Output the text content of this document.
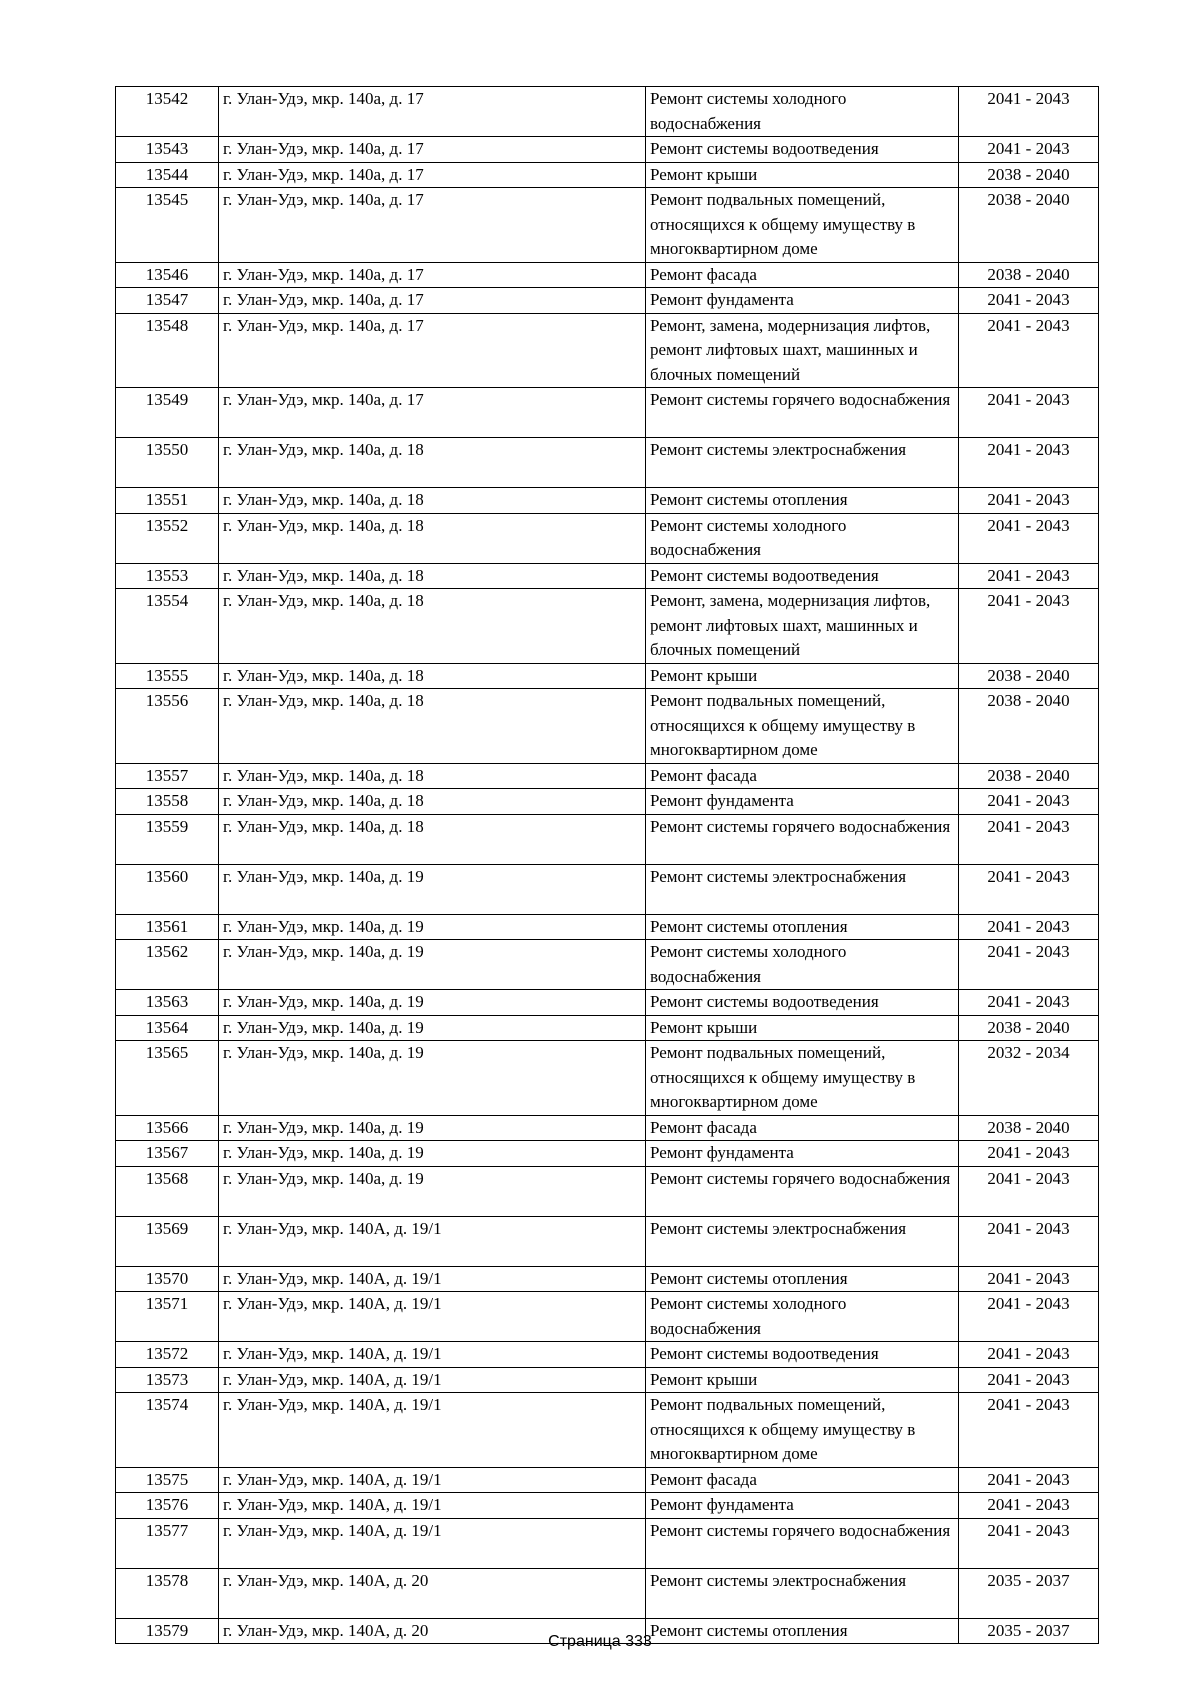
13542	г. Улан-Удэ, мкр. 140а, д. 17	Ремонт системы холодного водоснабжения	2041 - 2043
13543	г. Улан-Удэ, мкр. 140а, д. 17	Ремонт системы водоотведения	2041 - 2043
13544	г. Улан-Удэ, мкр. 140а, д. 17	Ремонт крыши	2038 - 2040
13545	г. Улан-Удэ, мкр. 140а, д. 17	Ремонт подвальных помещений, относящихся к общему имуществу в многоквартирном доме	2038 - 2040
13546	г. Улан-Удэ, мкр. 140а, д. 17	Ремонт фасада	2038 - 2040
13547	г. Улан-Удэ, мкр. 140а, д. 17	Ремонт фундамента	2041 - 2043
13548	г. Улан-Удэ, мкр. 140а, д. 17	Ремонт, замена, модернизация лифтов, ремонт лифтовых шахт, машинных и блочных помещений	2041 - 2043
13549	г. Улан-Удэ, мкр. 140а, д. 17	Ремонт системы горячего водоснабжения	2041 - 2043
13550	г. Улан-Удэ, мкр. 140а, д. 18	Ремонт системы электроснабжения	2041 - 2043
13551	г. Улан-Удэ, мкр. 140а, д. 18	Ремонт системы отопления	2041 - 2043
13552	г. Улан-Удэ, мкр. 140а, д. 18	Ремонт системы холодного водоснабжения	2041 - 2043
13553	г. Улан-Удэ, мкр. 140а, д. 18	Ремонт системы водоотведения	2041 - 2043
13554	г. Улан-Удэ, мкр. 140а, д. 18	Ремонт, замена, модернизация лифтов, ремонт лифтовых шахт, машинных и блочных помещений	2041 - 2043
13555	г. Улан-Удэ, мкр. 140а, д. 18	Ремонт крыши	2038 - 2040
13556	г. Улан-Удэ, мкр. 140а, д. 18	Ремонт подвальных помещений, относящихся к общему имуществу в многоквартирном доме	2038 - 2040
13557	г. Улан-Удэ, мкр. 140а, д. 18	Ремонт фасада	2038 - 2040
13558	г. Улан-Удэ, мкр. 140а, д. 18	Ремонт фундамента	2041 - 2043
13559	г. Улан-Удэ, мкр. 140а, д. 18	Ремонт системы горячего водоснабжения	2041 - 2043
13560	г. Улан-Удэ, мкр. 140а, д. 19	Ремонт системы электроснабжения	2041 - 2043
13561	г. Улан-Удэ, мкр. 140а, д. 19	Ремонт системы отопления	2041 - 2043
13562	г. Улан-Удэ, мкр. 140а, д. 19	Ремонт системы холодного водоснабжения	2041 - 2043
13563	г. Улан-Удэ, мкр. 140а, д. 19	Ремонт системы водоотведения	2041 - 2043
13564	г. Улан-Удэ, мкр. 140а, д. 19	Ремонт крыши	2038 - 2040
13565	г. Улан-Удэ, мкр. 140а, д. 19	Ремонт подвальных помещений, относящихся к общему имуществу в многоквартирном доме	2032 - 2034
13566	г. Улан-Удэ, мкр. 140а, д. 19	Ремонт фасада	2038 - 2040
13567	г. Улан-Удэ, мкр. 140а, д. 19	Ремонт фундамента	2041 - 2043
13568	г. Улан-Удэ, мкр. 140а, д. 19	Ремонт системы горячего водоснабжения	2041 - 2043
13569	г. Улан-Удэ, мкр. 140А, д. 19/1	Ремонт системы электроснабжения	2041 - 2043
13570	г. Улан-Удэ, мкр. 140А, д. 19/1	Ремонт системы отопления	2041 - 2043
13571	г. Улан-Удэ, мкр. 140А, д. 19/1	Ремонт системы холодного водоснабжения	2041 - 2043
13572	г. Улан-Удэ, мкр. 140А, д. 19/1	Ремонт системы водоотведения	2041 - 2043
13573	г. Улан-Удэ, мкр. 140А, д. 19/1	Ремонт крыши	2041 - 2043
13574	г. Улан-Удэ, мкр. 140А, д. 19/1	Ремонт подвальных помещений, относящихся к общему имуществу в многоквартирном доме	2041 - 2043
13575	г. Улан-Удэ, мкр. 140А, д. 19/1	Ремонт фасада	2041 - 2043
13576	г. Улан-Удэ, мкр. 140А, д. 19/1	Ремонт фундамента	2041 - 2043
13577	г. Улан-Удэ, мкр. 140А, д. 19/1	Ремонт системы горячего водоснабжения	2041 - 2043
13578	г. Улан-Удэ, мкр. 140А, д. 20	Ремонт системы электроснабжения	2035 - 2037
13579	г. Улан-Удэ, мкр. 140А, д. 20	Ремонт системы отопления	2035 - 2037
Страница 333
